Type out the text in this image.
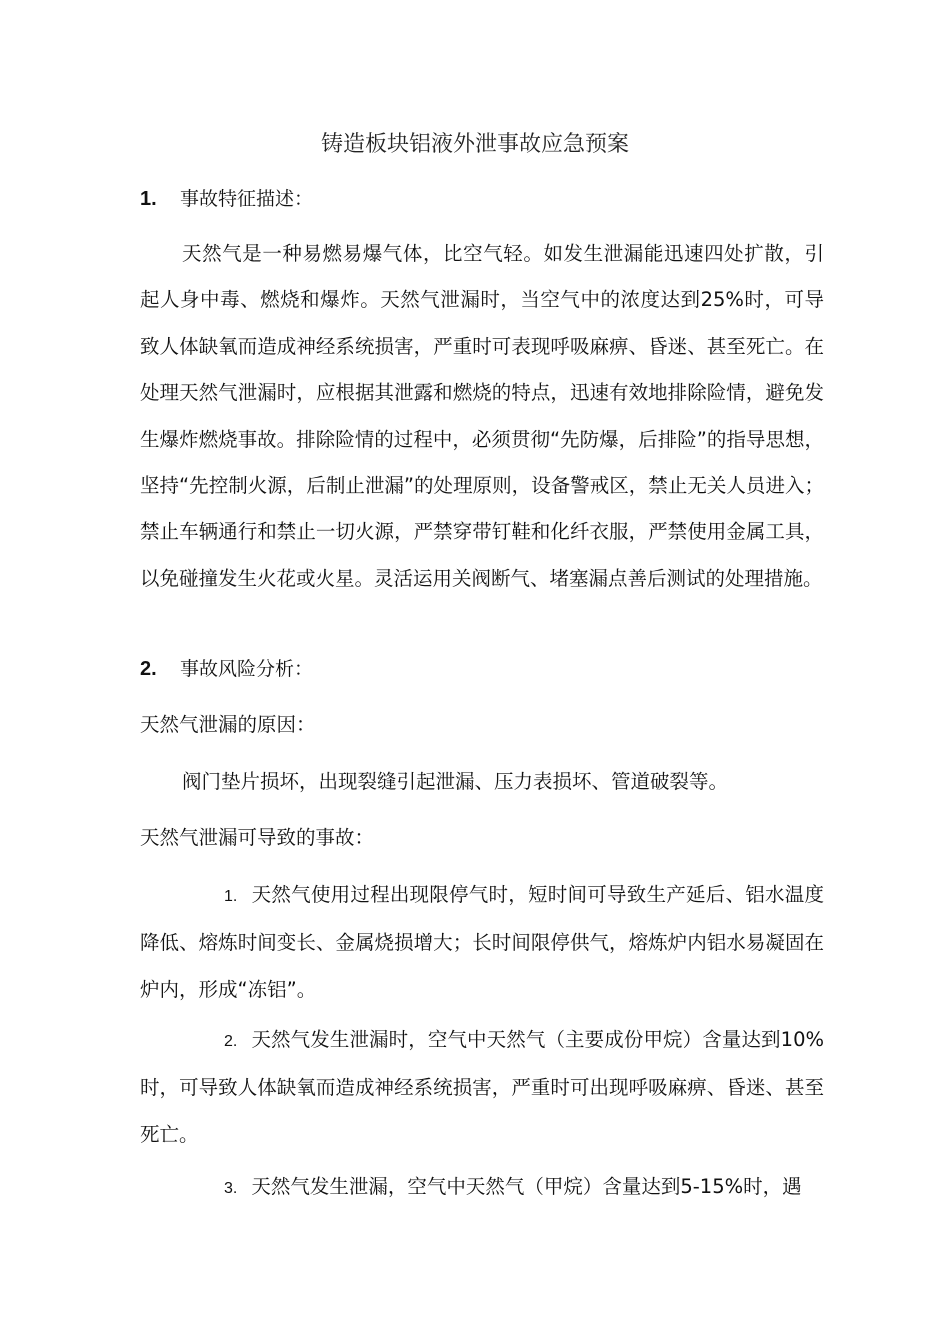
铸造板块铝液外泄事故应急预案
1. 事故特征描述：
天然气是一种易燃易爆气体，比空气轻。如发生泄漏能迅速四处扩散，引起人身中毒、燃烧和爆炸。天然气泄漏时，当空气中的浓度达到25%时，可导致人体缺氧而造成神经系统损害，严重时可表现呼吸麻痹、昏迷、甚至死亡。在处理天然气泄漏时，应根据其泄露和燃烧的特点，迅速有效地排除险情，避免发生爆炸燃烧事故。排除险情的过程中，必须贯彻“先防爆，后排险”的指导思想，坚持“先控制火源，后制止泄漏”的处理原则，设备警戒区，禁止无关人员进入；禁止车辆通行和禁止一切火源，严禁穿带钉鞋和化纤衣服，严禁使用金属工具，以免碰撞发生火花或火星。灵活运用关阀断气、堵塞漏点善后测试的处理措施。
2. 事故风险分析：
天然气泄漏的原因：
阀门垫片损坏，出现裂缝引起泄漏、压力表损坏、管道破裂等。
天然气泄漏可导致的事故：
1. 天然气使用过程出现限停气时，短时间可导致生产延后、铝水温度降低、熔炼时间变长、金属烧损增大；长时间限停供气，熔炼炉内铝水易凝固在炉内，形成“冻铝”。
2. 天然气发生泄漏时，空气中天然气（主要成份甲烷）含量达到10%时，可导致人体缺氧而造成神经系统损害，严重时可出现呼吸麻痹、昏迷、甚至死亡。
3. 天然气发生泄漏，空气中天然气（甲烷）含量达到5-15%时，遇
